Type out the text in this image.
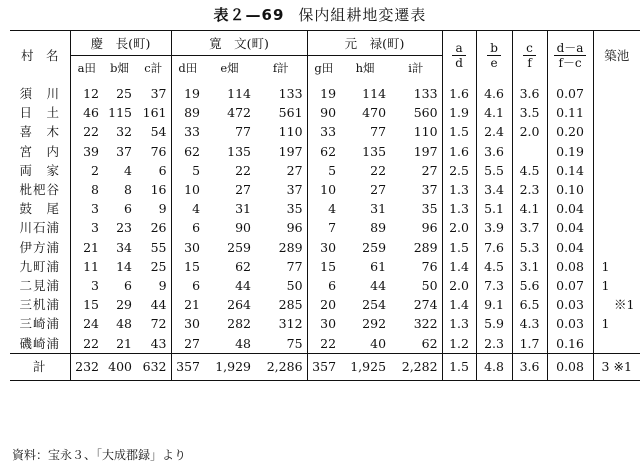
表２—69 保内組耕地変遷表
村　名	慶　長(町)			寛　文(町)			元　禄(町)			$\frac{a}{d}$	$\frac{b}{e}$	$\frac{c}{f}$	$\frac{d-a}{f-c}$	築池
	a田	b畑	c計	d田	e畑	f計	g田	h畑	i計					
須　川	12	25	37	19	114	133	19	114	133	1.6	4.6	3.6	0.07	
日　土	46	115	161	89	472	561	90	470	560	1.9	4.1	3.5	0.11	
喜　木	22	32	54	33	77	110	33	77	110	1.5	2.4	2.0	0.20	
宮　内	39	37	76	62	135	197	62	135	197	1.6	3.6		0.19	
両　家	2	4	6	5	22	27	5	22	27	2.5	5.5	4.5	0.14	
枇杷谷	8	8	16	10	27	37	10	27	37	1.3	3.4	2.3	0.10	
鼓　尾	3	6	9	4	31	35	4	31	35	1.3	5.1	4.1	0.04	
川石浦	3	23	26	6	90	96	7	89	96	2.0	3.9	3.7	0.04	
伊方浦	21	34	55	30	259	289	30	259	289	1.5	7.6	5.3	0.04	
九町浦	11	14	25	15	62	77	15	61	76	1.4	4.5	3.1	0.08	1
二見浦	3	6	9	6	44	50	6	44	50	2.0	7.3	5.6	0.07	1
三机浦	15	29	44	21	264	285	20	254	274	1.4	9.1	6.5	0.03	　※1
三崎浦	24	48	72	30	282	312	30	292	322	1.3	5.9	4.3	0.03	1
磯崎浦	22	21	43	27	48	75	22	40	62	1.2	2.3	1.7	0.16	
計	232	400	632	357	1,929	2,286	357	1,925	2,282	1.5	4.8	3.6	0.08	3 ※1
資料：宝永３、「大成郡録」より
